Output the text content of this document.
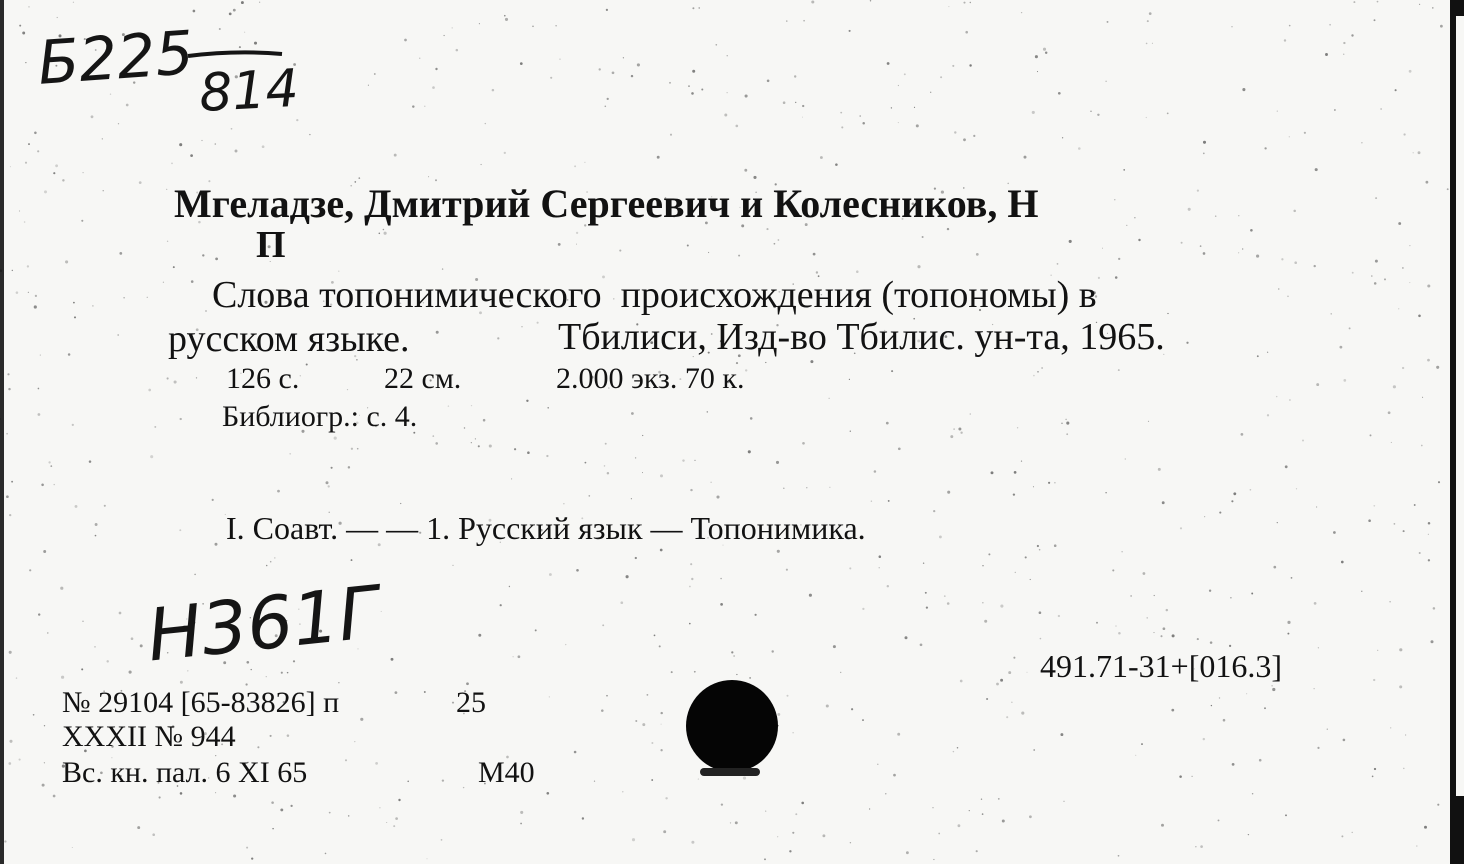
Б225 814
Мгеладзе, Дмитрий Сергеевич и Колесников, Н
П
Слова топонимического  происхождения (топономы) в
русском языке.	Тбилиси, Изд-во Тбилис. ун-та, 1965.
126 с.	22 см.	2.000 экз. 70 к.
Библиогр.: с. 4.
I. Соавт. — — 1. Русский язык — Топонимика.
Н361Г	491.71-31+[016.3]
№ 29104 [65-83826] п	25
XXXII № 944
Вс. кн. пал. 6 XI 65	М40
